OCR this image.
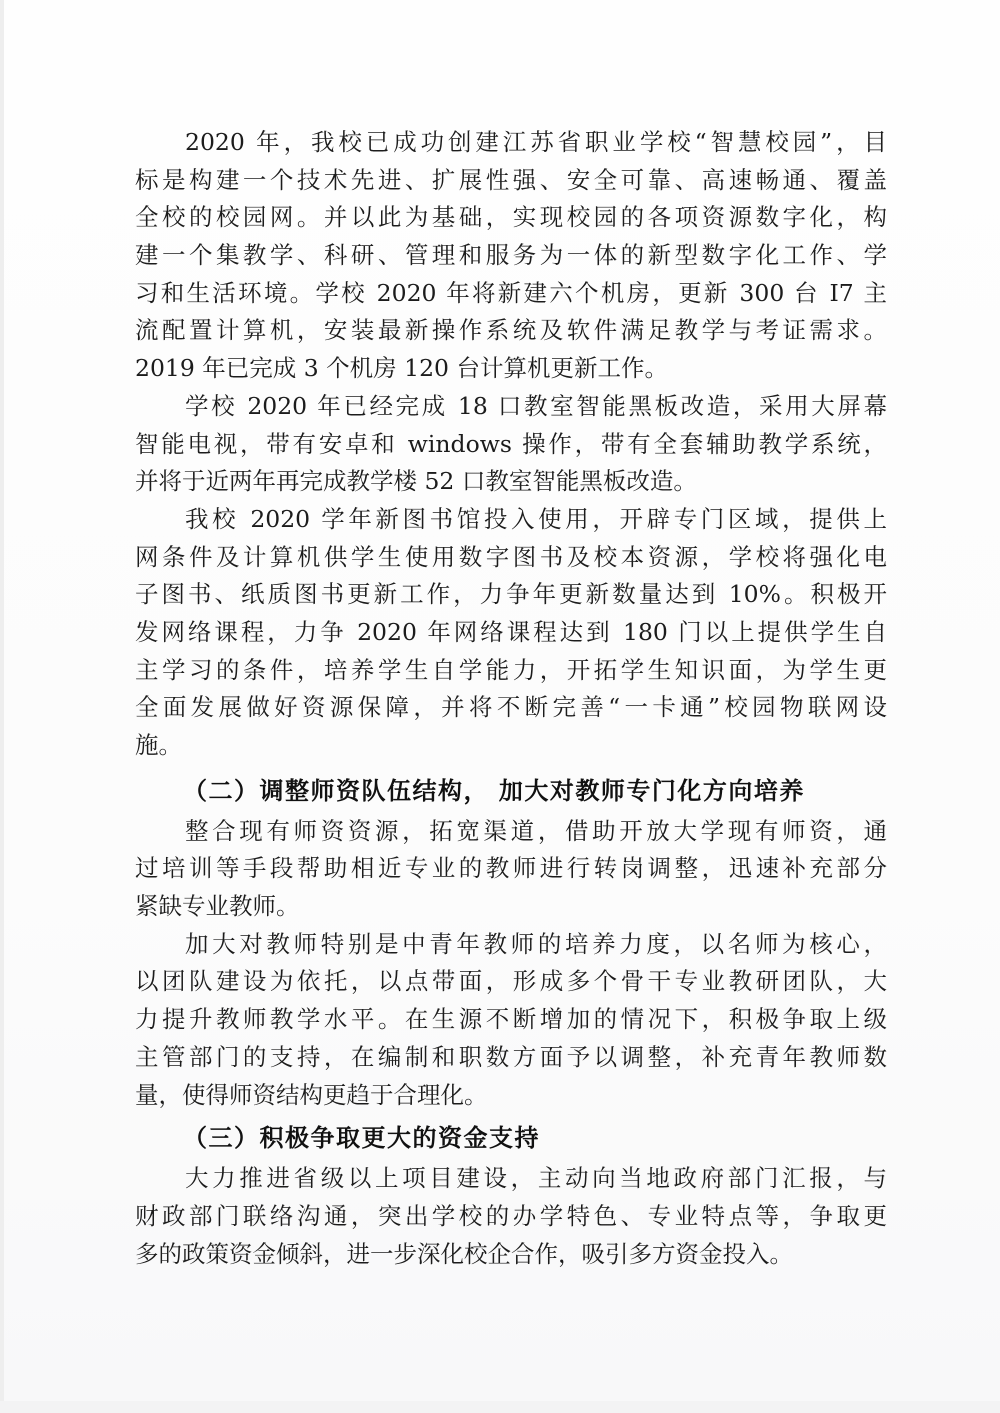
2020 年，我校已成功创建江苏省职业学校“智慧校园”，目
标是构建一个技术先进、扩展性强、安全可靠、高速畅通、覆盖
全校的校园网。并以此为基础，实现校园的各项资源数字化，构
建一个集教学、科研、管理和服务为一体的新型数字化工作、学
习和生活环境。学校 2020 年将新建六个机房，更新 300 台 I7 主
流配置计算机，安装最新操作系统及软件满足教学与考证需求。
2019 年已完成 3 个机房 120 台计算机更新工作。
学校 2020 年已经完成 18 口教室智能黑板改造，采用大屏幕
智能电视，带有安卓和 windows 操作，带有全套辅助教学系统，
并将于近两年再完成教学楼 52 口教室智能黑板改造。
我校 2020 学年新图书馆投入使用，开辟专门区域，提供上
网条件及计算机供学生使用数字图书及校本资源，学校将强化电
子图书、纸质图书更新工作，力争年更新数量达到 10%。积极开
发网络课程，力争 2020 年网络课程达到 180 门以上提供学生自
主学习的条件，培养学生自学能力，开拓学生知识面，为学生更
全面发展做好资源保障，并将不断完善“一卡通”校园物联网设
施。
（二）调整师资队伍结构， 加大对教师专门化方向培养
整合现有师资资源，拓宽渠道，借助开放大学现有师资，通
过培训等手段帮助相近专业的教师进行转岗调整，迅速补充部分
紧缺专业教师。
加大对教师特别是中青年教师的培养力度，以名师为核心，
以团队建设为依托，以点带面，形成多个骨干专业教研团队，大
力提升教师教学水平。在生源不断增加的情况下，积极争取上级
主管部门的支持，在编制和职数方面予以调整，补充青年教师数
量，使得师资结构更趋于合理化。
（三）积极争取更大的资金支持
大力推进省级以上项目建设，主动向当地政府部门汇报，与
财政部门联络沟通，突出学校的办学特色、专业特点等，争取更
多的政策资金倾斜，进一步深化校企合作，吸引多方资金投入。
